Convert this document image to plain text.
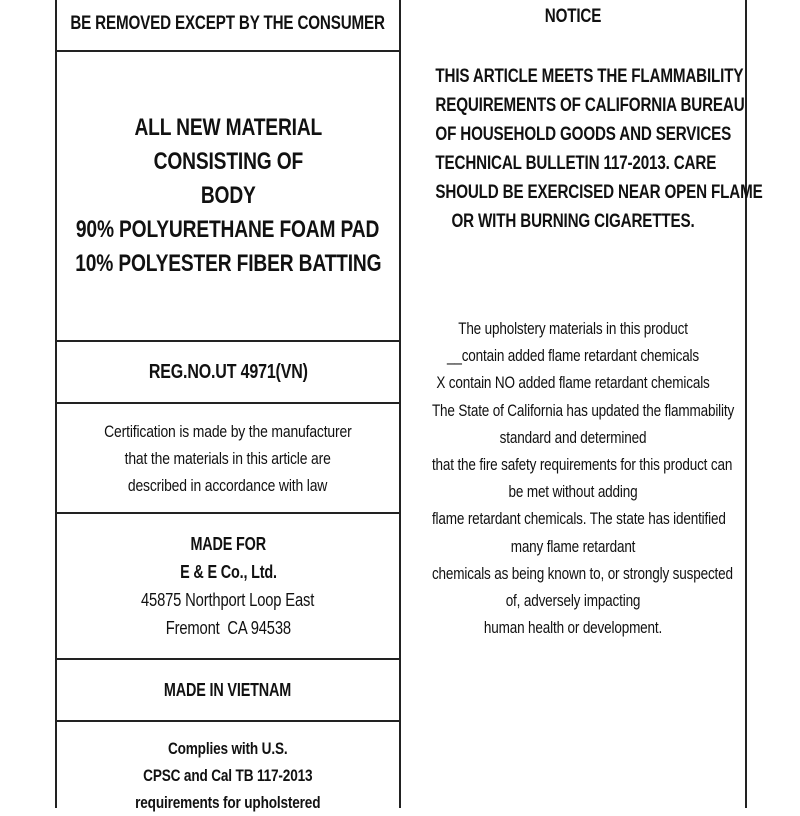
BE REMOVED EXCEPT BY THE CONSUMER
ALL NEW MATERIAL
CONSISTING OF
BODY
90% POLYURETHANE FOAM PAD
10% POLYESTER FIBER BATTING
REG.NO.UT 4971(VN)
Certification is made by the manufacturer
that the materials in this article are
described in accordance with law
MADE FOR
E & E Co., Ltd.
45875 Northport Loop East
Fremont  CA 94538
MADE IN VIETNAM
Complies with U.S.
CPSC and Cal TB 117-2013
requirements for upholstered
NOTICE
THIS ARTICLE MEETS THE FLAMMABILITY
REQUIREMENTS OF CALIFORNIA BUREAU
OF HOUSEHOLD GOODS AND SERVICES
TECHNICAL BULLETIN 117-2013. CARE
SHOULD BE EXERCISED NEAR OPEN FLAME
OR WITH BURNING CIGARETTES.
The upholstery materials in this product
__contain added flame retardant chemicals
X contain NO added flame retardant chemicals
The State of California has updated the flammability
standard and determined
that the fire safety requirements for this product can
be met without adding
flame retardant chemicals. The state has identified
many flame retardant
chemicals as being known to, or strongly suspected
of, adversely impacting
human health or development.
